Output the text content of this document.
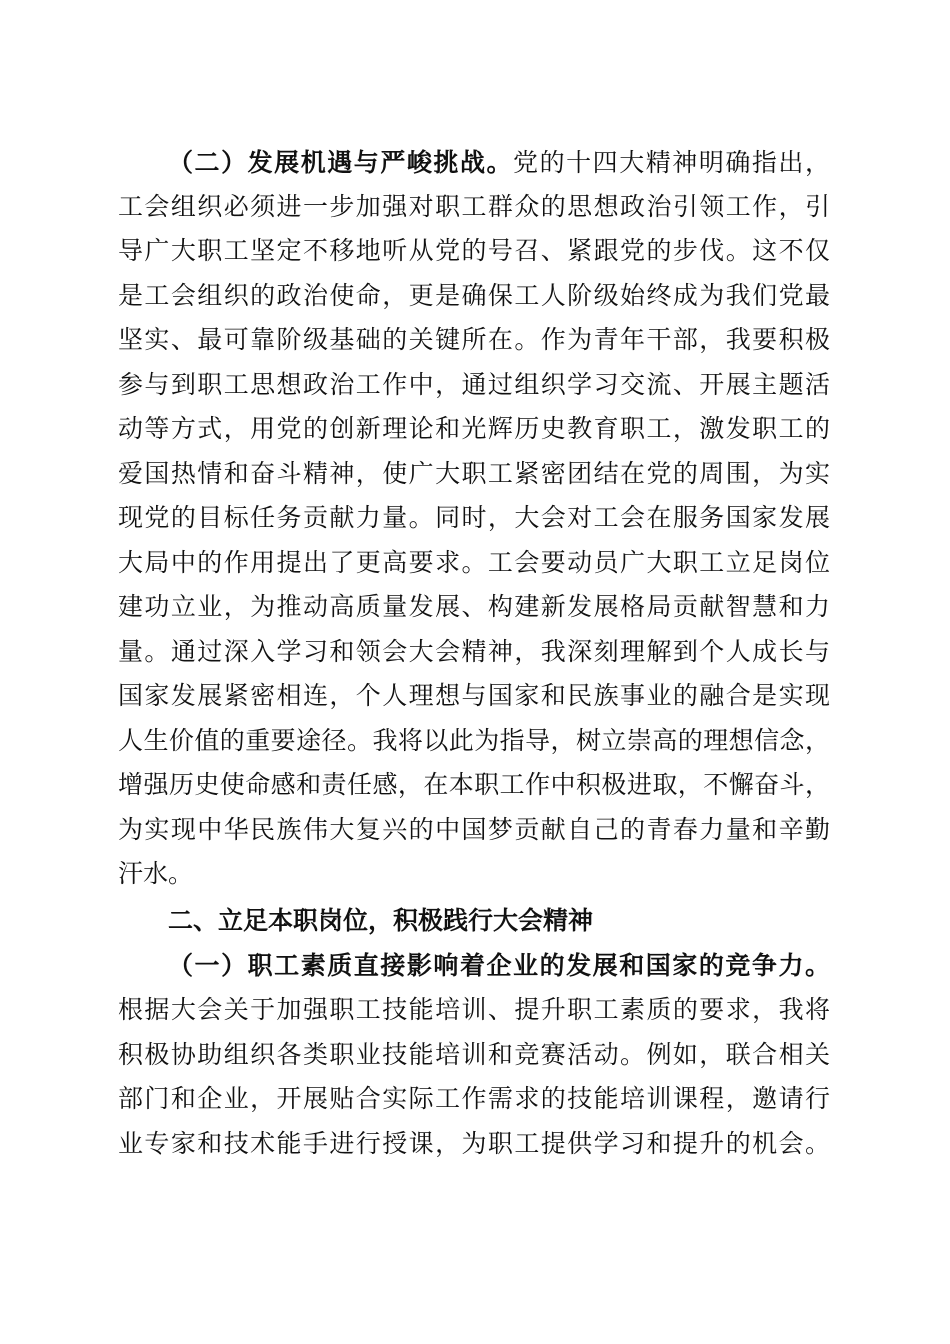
（二）发展机遇与严峻挑战。党的十四大精神明确指出，
工会组织必须进一步加强对职工群众的思想政治引领工作，引
导广大职工坚定不移地听从党的号召、紧跟党的步伐。这不仅
是工会组织的政治使命，更是确保工人阶级始终成为我们党最
坚实、最可靠阶级基础的关键所在。作为青年干部，我要积极
参与到职工思想政治工作中，通过组织学习交流、开展主题活
动等方式，用党的创新理论和光辉历史教育职工，激发职工的
爱国热情和奋斗精神，使广大职工紧密团结在党的周围，为实
现党的目标任务贡献力量。同时，大会对工会在服务国家发展
大局中的作用提出了更高要求。工会要动员广大职工立足岗位
建功立业，为推动高质量发展、构建新发展格局贡献智慧和力
量。通过深入学习和领会大会精神，我深刻理解到个人成长与
国家发展紧密相连，个人理想与国家和民族事业的融合是实现
人生价值的重要途径。我将以此为指导，树立崇高的理想信念，
增强历史使命感和责任感，在本职工作中积极进取，不懈奋斗，
为实现中华民族伟大复兴的中国梦贡献自己的青春力量和辛勤
汗水。
二、立足本职岗位，积极践行大会精神
（一）职工素质直接影响着企业的发展和国家的竞争力。
根据大会关于加强职工技能培训、提升职工素质的要求，我将
积极协助组织各类职业技能培训和竞赛活动。例如，联合相关
部门和企业，开展贴合实际工作需求的技能培训课程，邀请行
业专家和技术能手进行授课，为职工提供学习和提升的机会。
